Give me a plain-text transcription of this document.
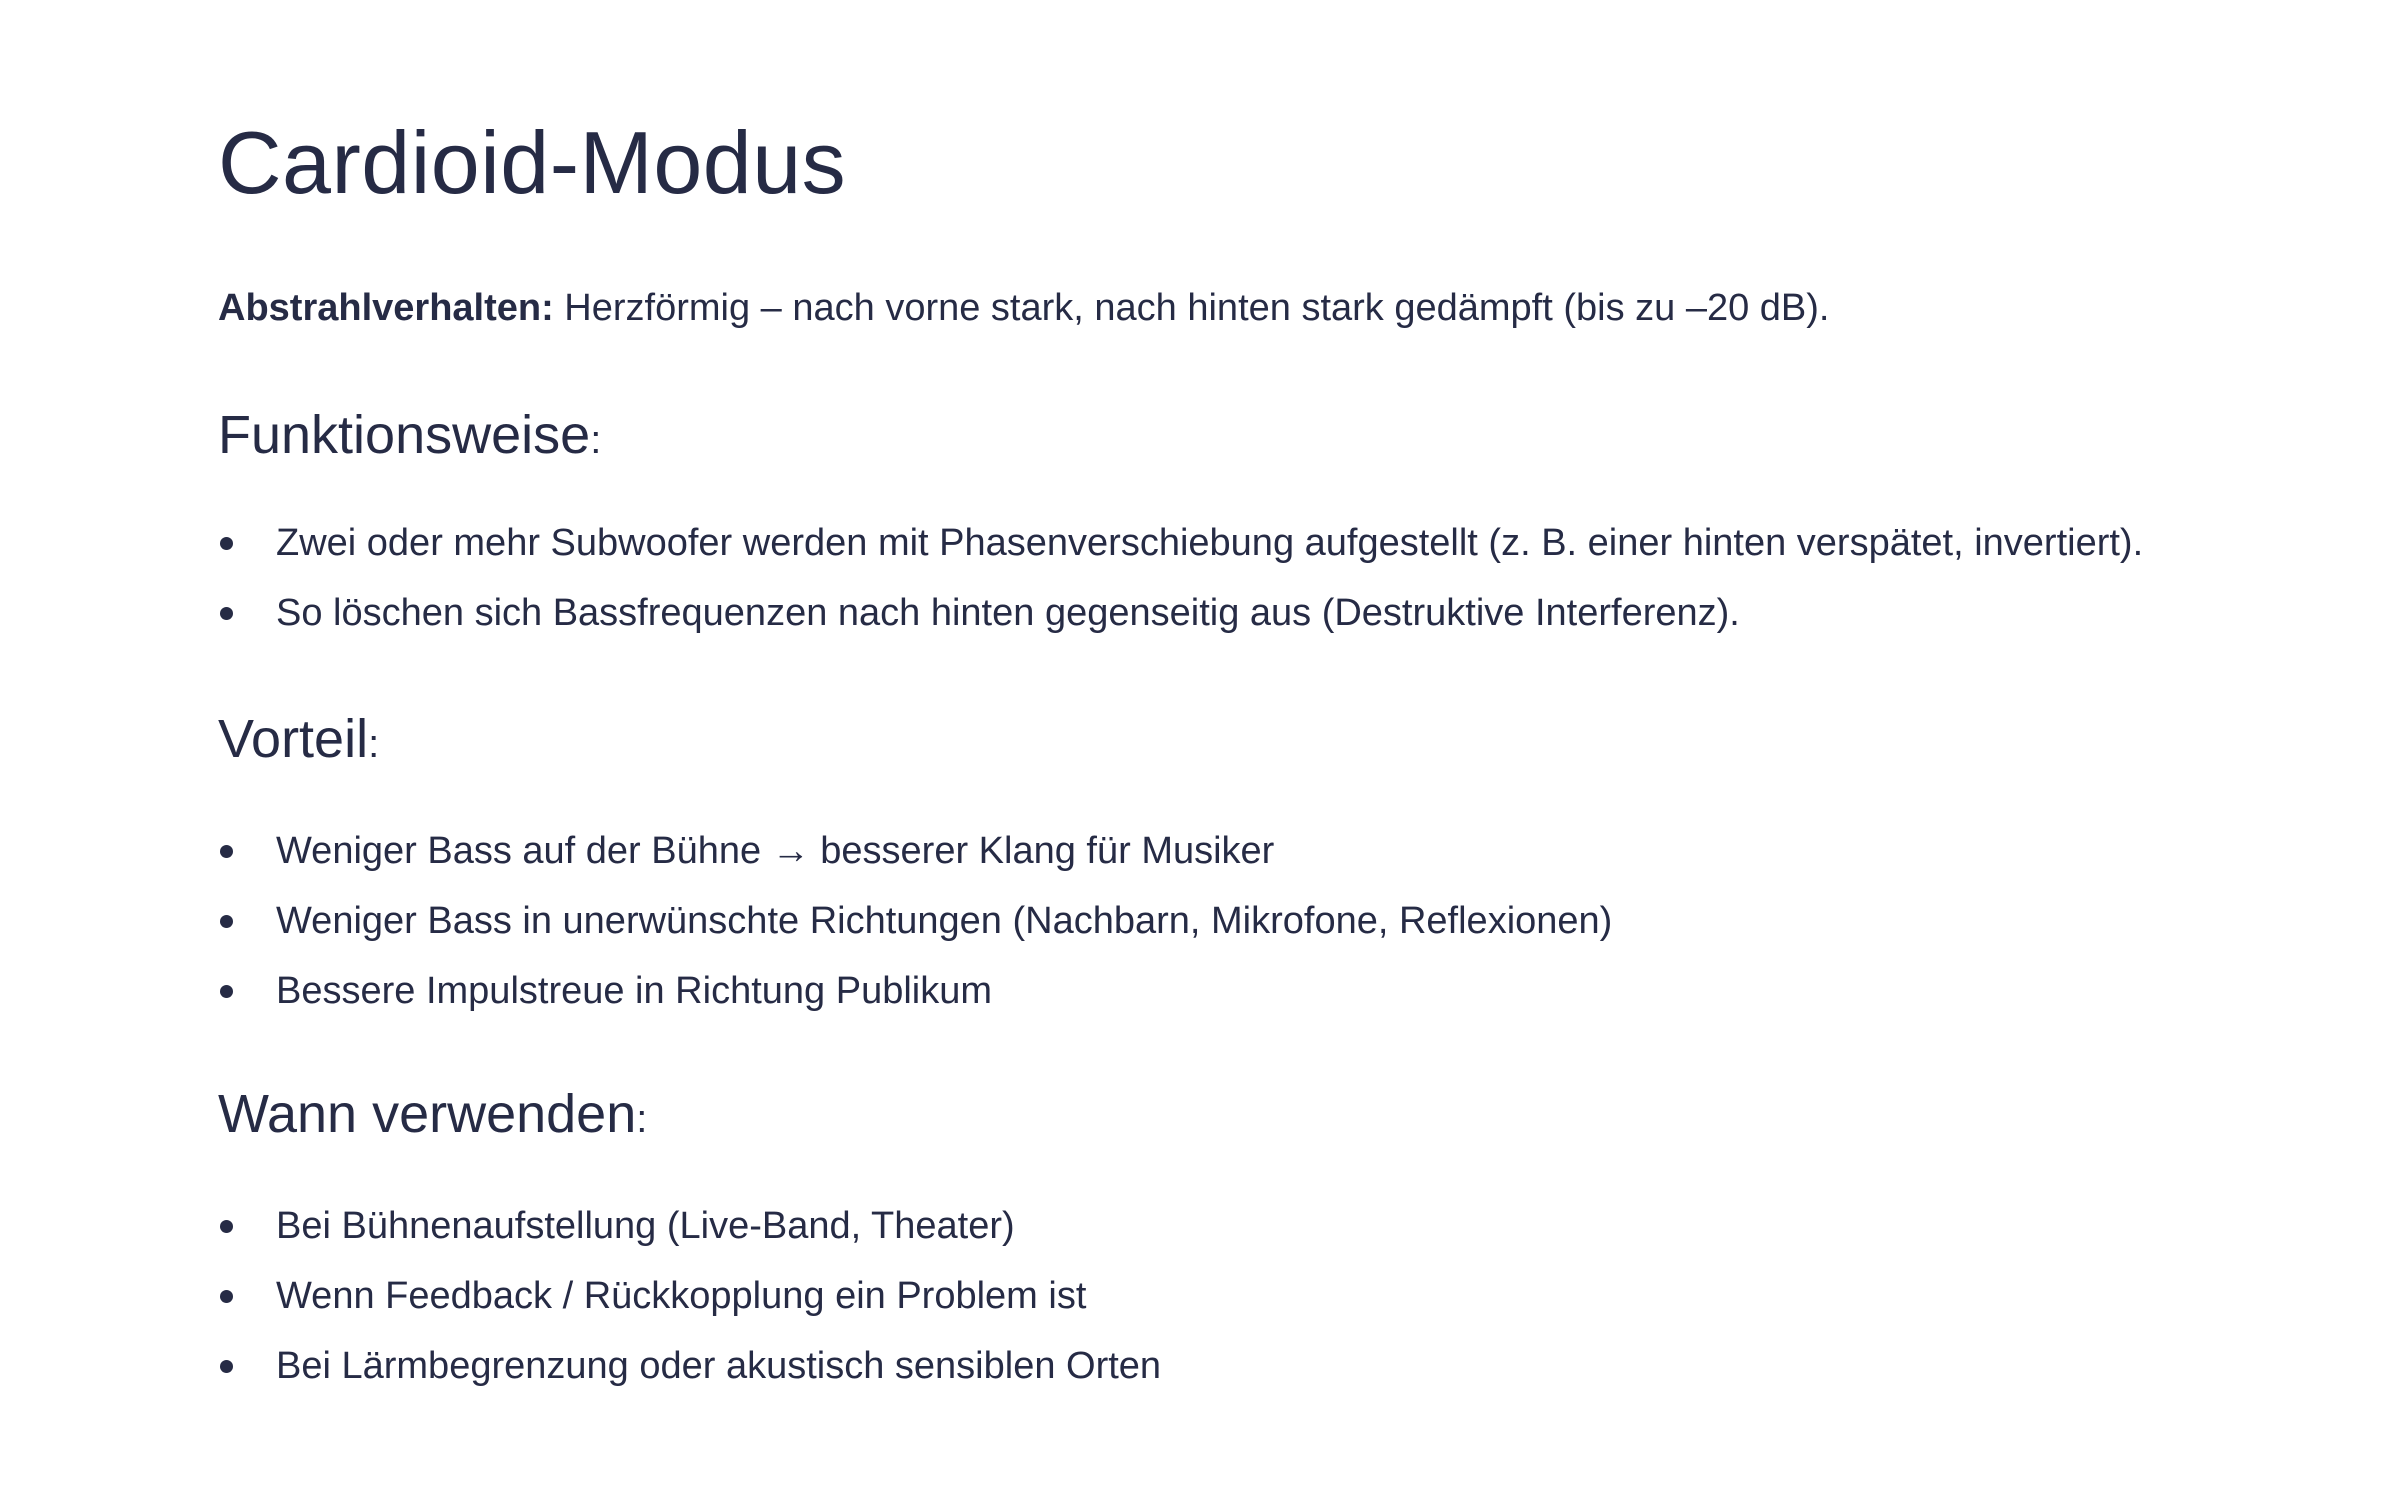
Cardioid-Modus

Abstrahlverhalten: Herzförmig – nach vorne stark, nach hinten stark gedämpft (bis zu –20 dB).

Funktionsweise:
Zwei oder mehr Subwoofer werden mit Phasenverschiebung aufgestellt (z. B. einer hinten verspätet, invertiert).
So löschen sich Bassfrequenzen nach hinten gegenseitig aus (Destruktive Interferenz).
Vorteil:
Weniger Bass auf der Bühne → besserer Klang für Musiker
Weniger Bass in unerwünschte Richtungen (Nachbarn, Mikrofone, Reflexionen)
Bessere Impulstreue in Richtung Publikum
Wann verwenden:
Bei Bühnenaufstellung (Live-Band, Theater)
Wenn Feedback / Rückkopplung ein Problem ist
Bei Lärmbegrenzung oder akustisch sensiblen Orten
